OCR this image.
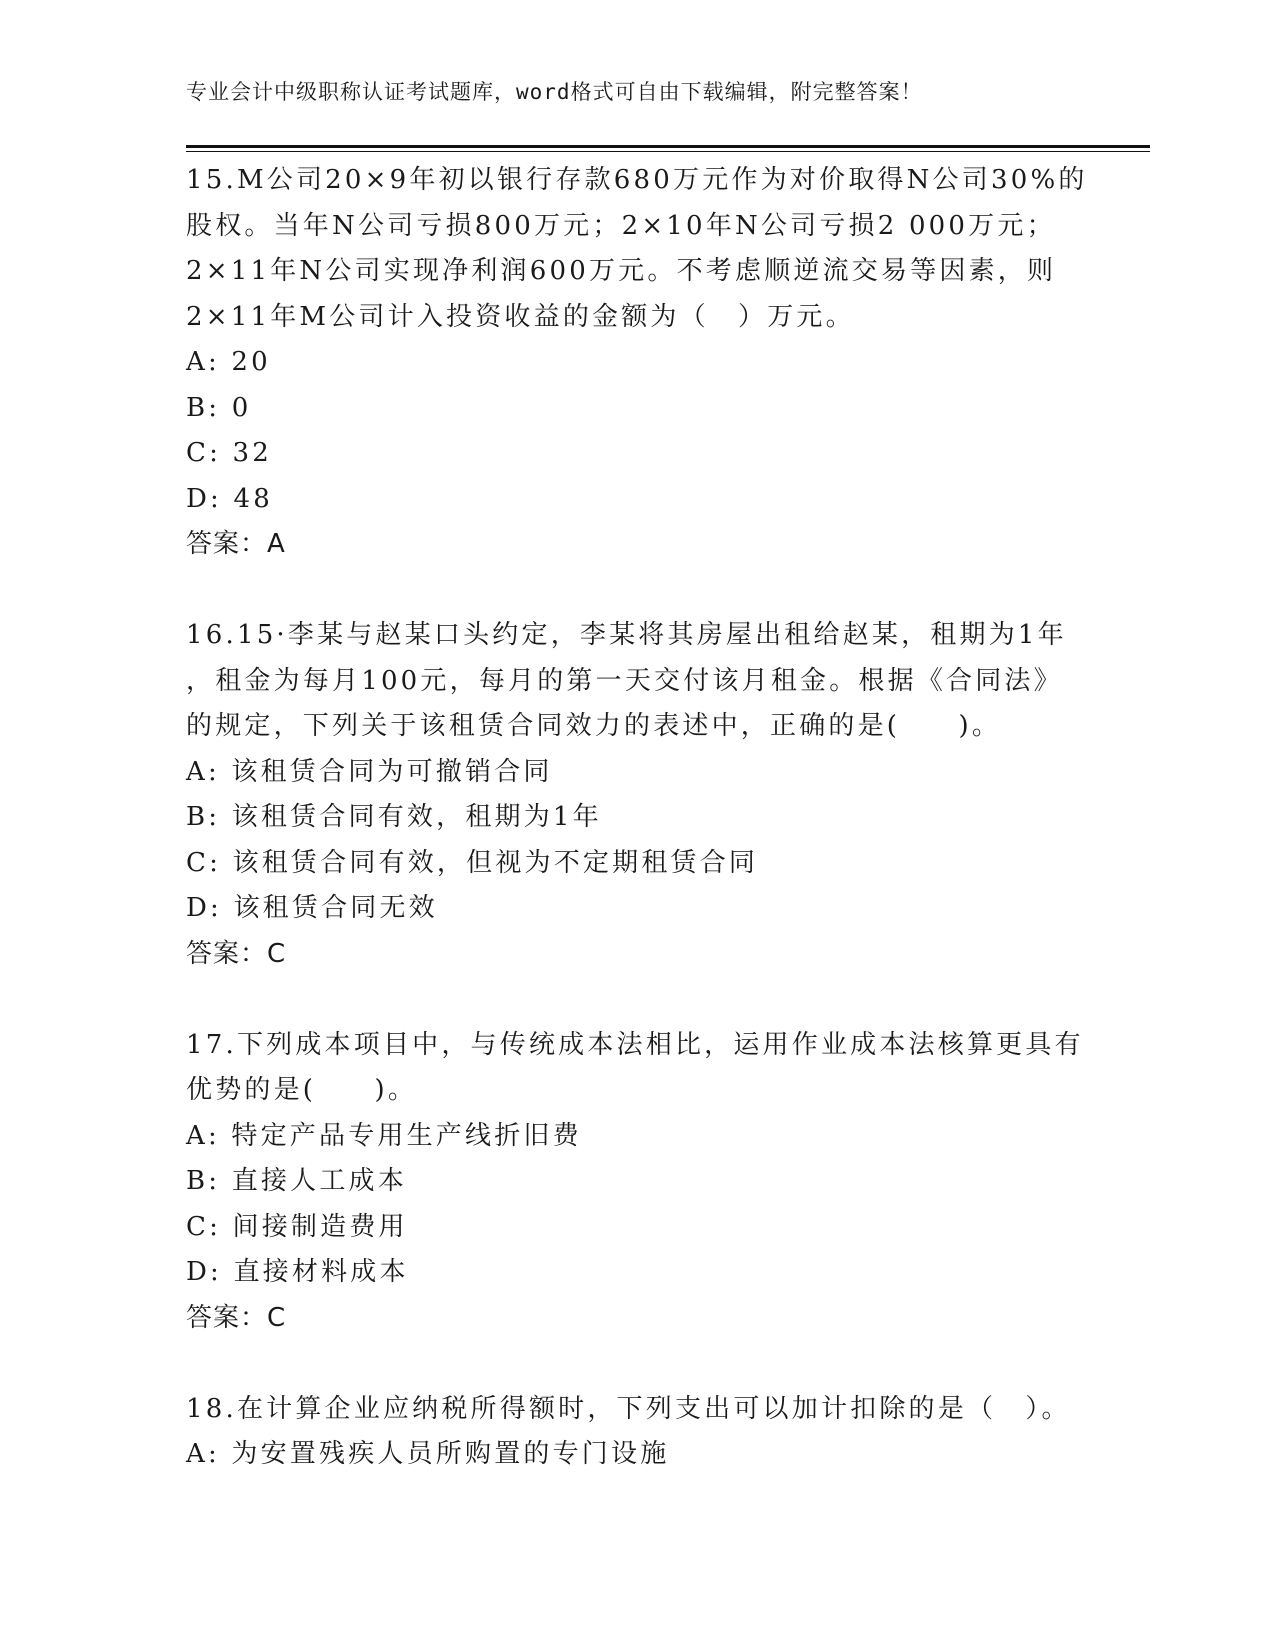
专业会计中级职称认证考试题库，word格式可自由下载编辑，附完整答案！
15.M公司20×9年初以银行存款680万元作为对价取得N公司30%的
股权。当年N公司亏损800万元；2×10年N公司亏损2 000万元；
2×11年N公司实现净利润600万元。不考虑顺逆流交易等因素，则
2×11年M公司计入投资收益的金额为（　）万元。
A: 20
B: 0
C: 32
D: 48
答案：A
16.15·李某与赵某口头约定，李某将其房屋出租给赵某，租期为1年
，租金为每月100元，每月的第一天交付该月租金。根据《合同法》
的规定，下列关于该租赁合同效力的表述中，正确的是(　　)。
A: 该租赁合同为可撤销合同
B: 该租赁合同有效，租期为1年
C: 该租赁合同有效，但视为不定期租赁合同
D: 该租赁合同无效
答案：C
17.下列成本项目中，与传统成本法相比，运用作业成本法核算更具有
优势的是(　　)。
A: 特定产品专用生产线折旧费
B: 直接人工成本
C: 间接制造费用
D: 直接材料成本
答案：C
18.在计算企业应纳税所得额时，下列支出可以加计扣除的是（　）。
A: 为安置残疾人员所购置的专门设施
